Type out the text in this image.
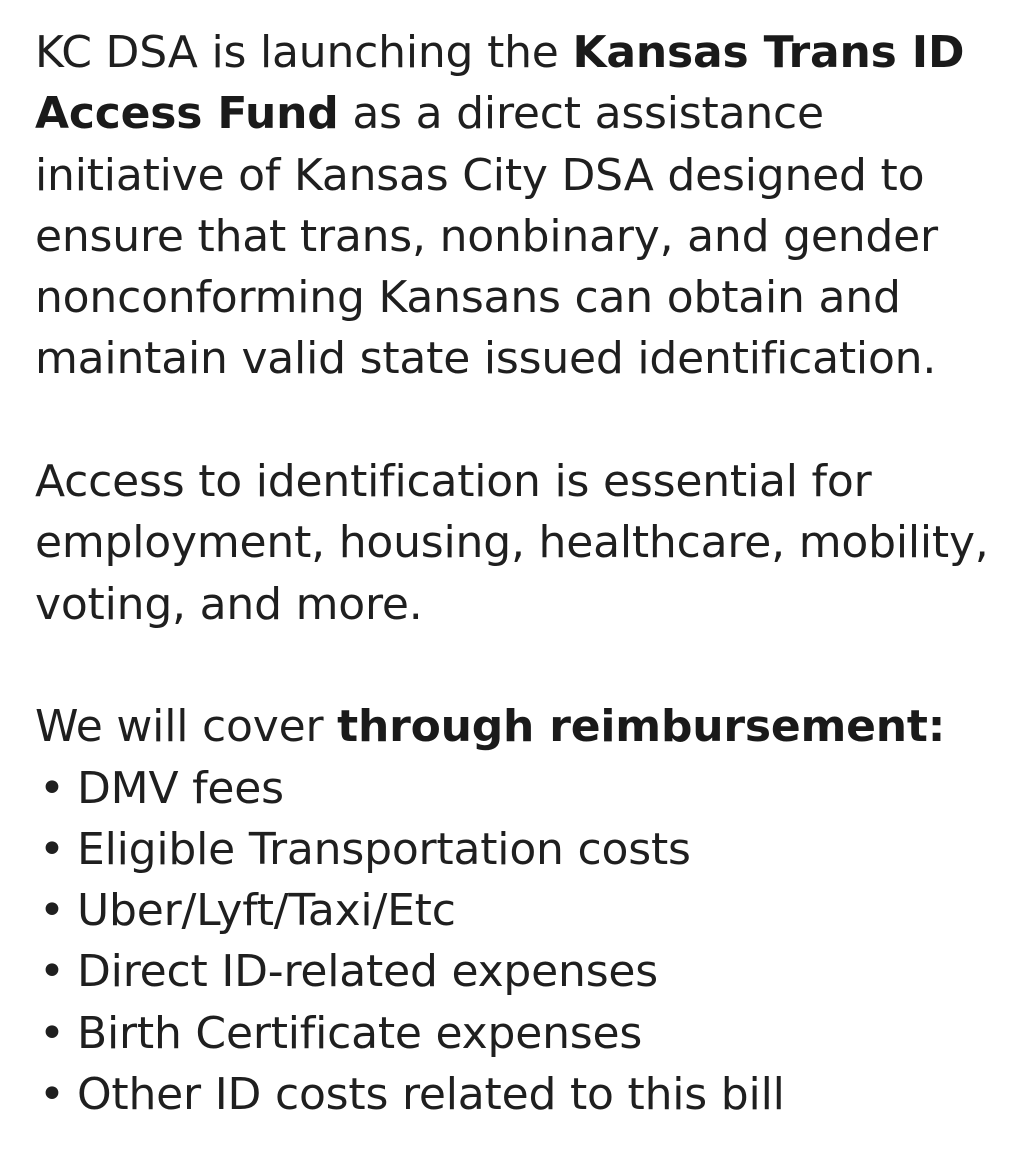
KC DSA is launching the Kansas Trans ID Access Fund as a direct assistance initiative of Kansas City DSA designed to ensure that trans, nonbinary, and gender nonconforming Kansans can obtain and maintain valid state issued identification.

Access to identification is essential for employment, housing, healthcare, mobility, voting, and more.

We will cover through reimbursement:

• DMV fees
• Eligible Transportation costs
• Uber/Lyft/Taxi/Etc
• Direct ID-related expenses
• Birth Certificate expenses
• Other ID costs related to this bill
